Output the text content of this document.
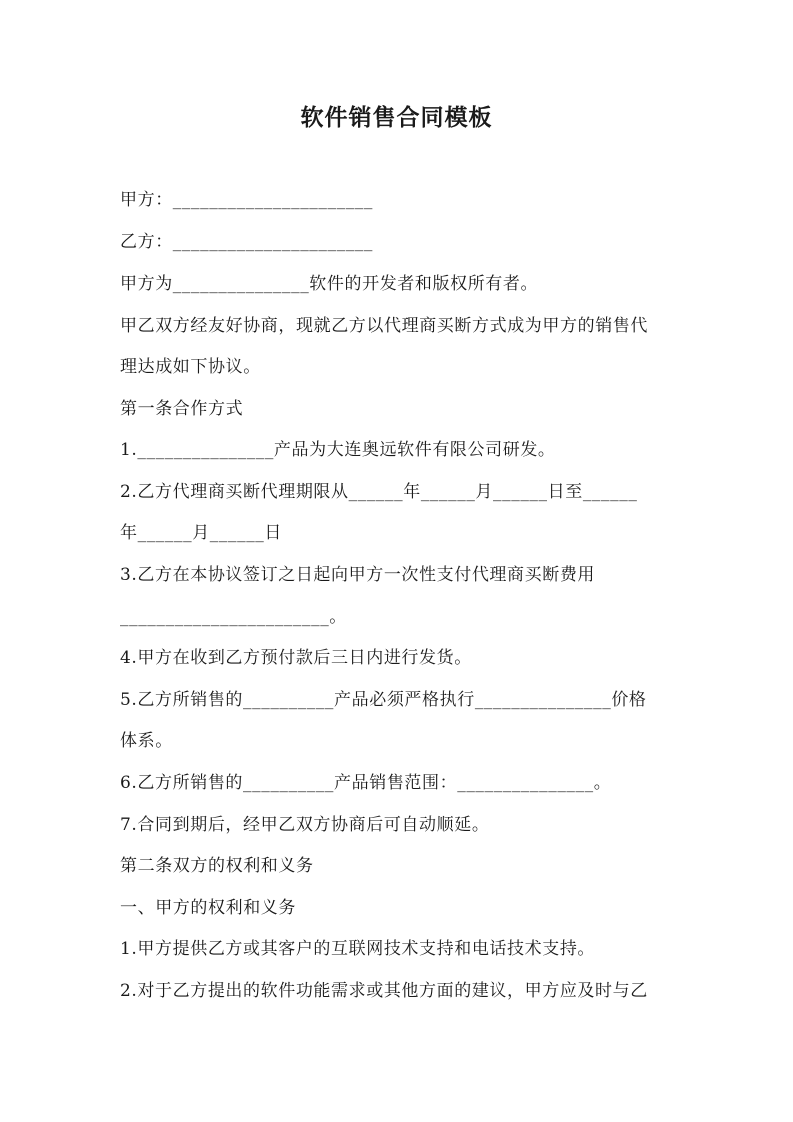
软件销售合同模板
甲方：______________________
乙方：______________________
甲方为_______________软件的开发者和版权所有者。
甲乙双方经友好协商，现就乙方以代理商买断方式成为甲方的销售代
理达成如下协议。
第一条合作方式
1._______________产品为大连奥远软件有限公司研发。
2.乙方代理商买断代理期限从______年______月______日至______
年______月______日
3.乙方在本协议签订之日起向甲方一次性支付代理商买断费用
_______________________。
4.甲方在收到乙方预付款后三日内进行发货。
5.乙方所销售的__________产品必须严格执行_______________价格
体系。
6.乙方所销售的__________产品销售范围：_______________。
7.合同到期后，经甲乙双方协商后可自动顺延。
第二条双方的权利和义务
一、甲方的权利和义务
1.甲方提供乙方或其客户的互联网技术支持和电话技术支持。
2.对于乙方提出的软件功能需求或其他方面的建议，甲方应及时与乙
